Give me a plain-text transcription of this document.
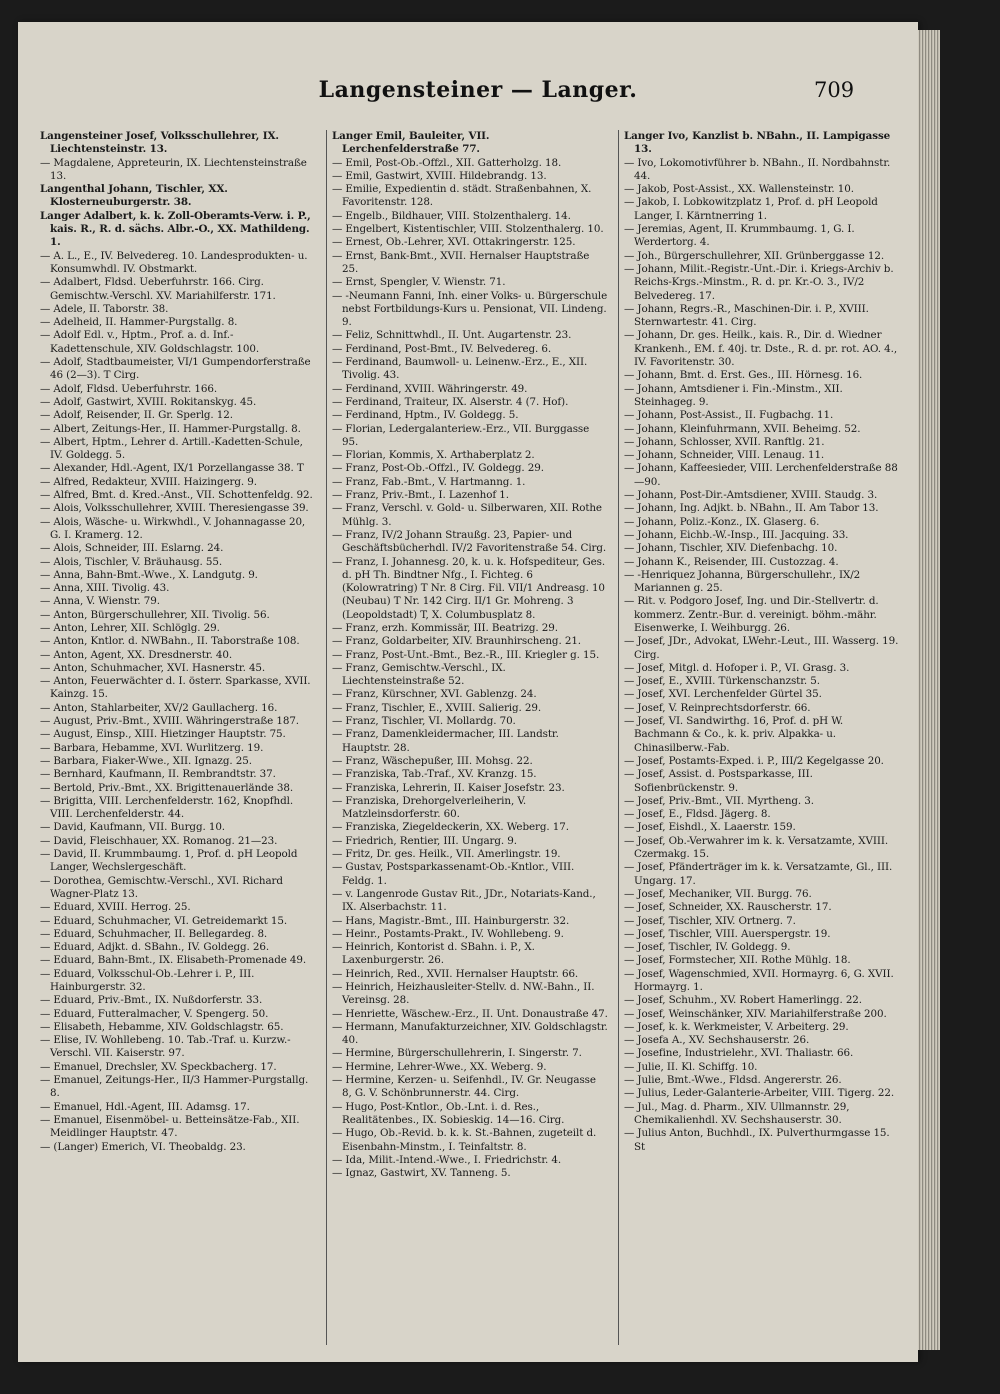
Langensteiner — Langer.	709

Langensteiner Josef, Volksschullehrer, IX. Liechtensteinstr. 13.

— Magdalene, Appreteurin, IX. Liechtensteinstraße 13.

Langenthal Johann, Tischler, XX. Klosterneuburgerstr. 38.

Langer Adalbert, k. k. Zoll-Oberamts-Verw. i. P., kais. R., R. d. sächs. Albr.-O., XX. Mathildeng. 1.

— A. L., E., IV. Belvedereg. 10. Landesprodukten- u. Konsumwhdl. IV. Obstmarkt.

— Adalbert, Fldsd. Ueberfuhrstr. 166. Cirg. Gemischtw.-Verschl. XV. Mariahilferstr. 171.

— Adele, II. Taborstr. 38.

— Adelheid, II. Hammer-Purgstallg. 8.

— Adolf Edl. v., Hptm., Prof. a. d. Inf.-Kadettenschule, XIV. Goldschlagstr. 100.

— Adolf, Stadtbaumeister, VI/1 Gumpendorferstraße 46 (2—3). T Cirg.

— Adolf, Fldsd. Ueberfuhrstr. 166.

— Adolf, Gastwirt, XVIII. Rokitanskyg. 45.

— Adolf, Reisender, II. Gr. Sperlg. 12.

— Albert, Zeitungs-Her., II. Hammer-Purgstallg. 8.

— Albert, Hptm., Lehrer d. Artill.-Kadetten-Schule, IV. Goldegg. 5.

— Alexander, Hdl.-Agent, IX/1 Porzellangasse 38. T

— Alfred, Redakteur, XVIII. Haizingerg. 9.

— Alfred, Bmt. d. Kred.-Anst., VII. Schottenfeldg. 92.

— Alois, Volksschullehrer, XVIII. Theresiengasse 39.

— Alois, Wäsche- u. Wirkwhdl., V. Johannagasse 20, G. I. Kramerg. 12.

— Alois, Schneider, III. Eslarng. 24.

— Alois, Tischler, V. Bräuhausg. 55.

— Anna, Bahn-Bmt.-Wwe., X. Landgutg. 9.

— Anna, XIII. Tivolig. 43.

— Anna, V. Wienstr. 79.

— Anton, Bürgerschullehrer, XII. Tivolig. 56.

— Anton, Lehrer, XII. Schlöglg. 29.

— Anton, Kntlor. d. NWBahn., II. Taborstraße 108.

— Anton, Agent, XX. Dresdnerstr. 40.

— Anton, Schuhmacher, XVI. Hasnerstr. 45.

— Anton, Feuerwächter d. I. österr. Sparkasse, XVII. Kainzg. 15.

— Anton, Stahlarbeiter, XV/2 Gaullacherg. 16.

— August, Priv.-Bmt., XVIII. Währingerstraße 187.

— August, Einsp., XIII. Hietzinger Hauptstr. 75.

— Barbara, Hebamme, XVI. Wurlitzerg. 19.

— Barbara, Fiaker-Wwe., XII. Ignazg. 25.

— Bernhard, Kaufmann, II. Rembrandtstr. 37.

— Bertold, Priv.-Bmt., XX. Brigittenauerlände 38.

— Brigitta, VIII. Lerchenfelderstr. 162, Knopfhdl. VIII. Lerchenfelderstr. 44.

— David, Kaufmann, VII. Burgg. 10.

— David, Fleischhauer, XX. Romanog. 21—23.

— David, II. Krummbaumg. 1, Prof. d. pH Leopold Langer, Wechslergeschäft.

— Dorothea, Gemischtw.-Verschl., XVI. Richard Wagner-Platz 13.

— Eduard, XVIII. Herrog. 25.

— Eduard, Schuhmacher, VI. Getreidemarkt 15.

— Eduard, Schuhmacher, II. Bellegardeg. 8.

— Eduard, Adjkt. d. SBahn., IV. Goldegg. 26.

— Eduard, Bahn-Bmt., IX. Elisabeth-Promenade 49.

— Eduard, Volksschul-Ob.-Lehrer i. P., III. Hainburgerstr. 32.

— Eduard, Priv.-Bmt., IX. Nußdorferstr. 33.

— Eduard, Futteralmacher, V. Spengerg. 50.

— Elisabeth, Hebamme, XIV. Goldschlagstr. 65.

— Elise, IV. Wohllebeng. 10. Tab.-Traf. u. Kurzw.-Verschl. VII. Kaiserstr. 97.

— Emanuel, Drechsler, XV. Speckbacherg. 17.

— Emanuel, Zeitungs-Her., II/3 Hammer-Purgstallg. 8.

— Emanuel, Hdl.-Agent, III. Adamsg. 17.

— Emanuel, Eisenmöbel- u. Betteinsätze-Fab., XII. Meidlinger Hauptstr. 47.

— (Langer) Emerich, VI. Theobaldg. 23.

Langer Emil, Bauleiter, VII. Lerchenfelderstraße 77.

— Emil, Post-Ob.-Offzl., XII. Gatterholzg. 18.

— Emil, Gastwirt, XVIII. Hildebrandg. 13.

— Emilie, Expedientin d. städt. Straßenbahnen, X. Favoritenstr. 128.

— Engelb., Bildhauer, VIII. Stolzenthalerg. 14.

— Engelbert, Kistentischler, VIII. Stolzenthalerg. 10.

— Ernest, Ob.-Lehrer, XVI. Ottakringerstr. 125.

— Ernst, Bank-Bmt., XVII. Hernalser Hauptstraße 25.

— Ernst, Spengler, V. Wienstr. 71.

— -Neumann Fanni, Inh. einer Volks- u. Bürgerschule nebst Fortbildungs-Kurs u. Pensionat, VII. Lindeng. 9.

— Feliz, Schnittwhdl., II. Unt. Augartenstr. 23.

— Ferdinand, Post-Bmt., IV. Belvedereg. 6.

— Ferdinand, Baumwoll- u. Leinenw.-Erz., E., XII. Tivolig. 43.

— Ferdinand, XVIII. Währingerstr. 49.

— Ferdinand, Traiteur, IX. Alserstr. 4 (7. Hof).

— Ferdinand, Hptm., IV. Goldegg. 5.

— Florian, Ledergalanteriew.-Erz., VII. Burggasse 95.

— Florian, Kommis, X. Arthaberplatz 2.

— Franz, Post-Ob.-Offzl., IV. Goldegg. 29.

— Franz, Fab.-Bmt., V. Hartmanng. 1.

— Franz, Priv.-Bmt., I. Lazenhof 1.

— Franz, Verschl. v. Gold- u. Silberwaren, XII. Rothe Mühlg. 3.

— Franz, IV/2 Johann Straußg. 23, Papier- und Geschäftsbücherhdl. IV/2 Favoritenstraße 54. Cirg.

— Franz, I. Johannesg. 20, k. u. k. Hofspediteur, Ges. d. pH Th. Bindtner Nfg., I. Fichteg. 6 (Kolowratring) T Nr. 8 Cirg. Fil. VII/1 Andreasg. 10 (Neubau) T Nr. 142 Cirg. II/1 Gr. Mohreng. 3 (Leopoldstadt) T, X. Columbusplatz 8.

— Franz, erzh. Kommissär, III. Beatrizg. 29.

— Franz, Goldarbeiter, XIV. Braunhirscheng. 21.

— Franz, Post-Unt.-Bmt., Bez.-R., III. Kriegler g. 15.

— Franz, Gemischtw.-Verschl., IX. Liechtensteinstraße 52.

— Franz, Kürschner, XVI. Gablenzg. 24.

— Franz, Tischler, E., XVIII. Salierig. 29.

— Franz, Tischler, VI. Mollardg. 70.

— Franz, Damenkleidermacher, III. Landstr. Hauptstr. 28.

— Franz, Wäschepußer, III. Mohsg. 22.

— Franziska, Tab.-Traf., XV. Kranzg. 15.

— Franziska, Lehrerin, II. Kaiser Josefstr. 23.

— Franziska, Drehorgelverleiherin, V. Matzleinsdorferstr. 60.

— Franziska, Ziegeldeckerin, XX. Weberg. 17.

— Friedrich, Rentier, III. Ungarg. 9.

— Fritz, Dr. ges. Heilk., VII. Amerlingstr. 19.

— Gustav, Postsparkassenamt-Ob.-Kntlor., VIII. Feldg. 1.

— v. Langenrode Gustav Rit., JDr., Notariats-Kand., IX. Alserbachstr. 11.

— Hans, Magistr.-Bmt., III. Hainburgerstr. 32.

— Heinr., Postamts-Prakt., IV. Wohllebeng. 9.

— Heinrich, Kontorist d. SBahn. i. P., X. Laxenburgerstr. 26.

— Heinrich, Red., XVII. Hernalser Hauptstr. 66.

— Heinrich, Heizhausleiter-Stellv. d. NW.-Bahn., II. Vereinsg. 28.

— Henriette, Wäschew.-Erz., II. Unt. Donaustraße 47.

— Hermann, Manufakturzeichner, XIV. Goldschlagstr. 40.

— Hermine, Bürgerschullehrerin, I. Singerstr. 7.

— Hermine, Lehrer-Wwe., XX. Weberg. 9.

— Hermine, Kerzen- u. Seifenhdl., IV. Gr. Neugasse 8, G. V. Schönbrunnerstr. 44. Cirg.

— Hugo, Post-Kntlor., Ob.-Lnt. i. d. Res., Realitätenbes., IX. Sobieskig. 14—16. Cirg.

— Hugo, Ob.-Revid. b. k. k. St.-Bahnen, zugeteilt d. Eisenbahn-Minstm., I. Teinfaltstr. 8.

— Ida, Milit.-Intend.-Wwe., I. Friedrichstr. 4.

— Ignaz, Gastwirt, XV. Tanneng. 5.

Langer Ivo, Kanzlist b. NBahn., II. Lampigasse 13.

— Ivo, Lokomotivführer b. NBahn., II. Nordbahnstr. 44.

— Jakob, Post-Assist., XX. Wallensteinstr. 10.

— Jakob, I. Lobkowitzplatz 1, Prof. d. pH Leopold Langer, I. Kärntnerring 1.

— Jeremias, Agent, II. Krummbaumg. 1, G. I. Werdertorg. 4.

— Joh., Bürgerschullehrer, XII. Grünberggasse 12.

— Johann, Milit.-Registr.-Unt.-Dir. i. Kriegs-Archiv b. Reichs-Krgs.-Minstm., R. d. pr. Kr.-O. 3., IV/2 Belvedereg. 17.

— Johann, Regrs.-R., Maschinen-Dir. i. P., XVIII. Sternwartestr. 41. Cirg.

— Johann, Dr. ges. Heilk., kais. R., Dir. d. Wiedner Krankenh., EM. f. 40j. tr. Dste., R. d. pr. rot. AO. 4., IV. Favoritenstr. 30.

— Johann, Bmt. d. Erst. Ges., III. Hörnesg. 16.

— Johann, Amtsdiener i. Fin.-Minstm., XII. Steinhageg. 9.

— Johann, Post-Assist., II. Fugbachg. 11.

— Johann, Kleinfuhrmann, XVII. Beheimg. 52.

— Johann, Schlosser, XVII. Ranftlg. 21.

— Johann, Schneider, VIII. Lenaug. 11.

— Johann, Kaffeesieder, VIII. Lerchenfelderstraße 88—90.

— Johann, Post-Dir.-Amtsdiener, XVIII. Staudg. 3.

— Johann, Ing. Adjkt. b. NBahn., II. Am Tabor 13.

— Johann, Poliz.-Konz., IX. Glaserg. 6.

— Johann, Eichb.-W.-Insp., III. Jacquing. 33.

— Johann, Tischler, XIV. Diefenbachg. 10.

— Johann K., Reisender, III. Custozzag. 4.

— -Henriquez Johanna, Bürgerschullehr., IX/2 Mariannen g. 25.

— Rit. v. Podgoro Josef, Ing. und Dir.-Stellvertr. d. kommerz. Zentr.-Bur. d. vereinigt. böhm.-mähr. Eisenwerke, I. Weihburgg. 26.

— Josef, JDr., Advokat, LWehr.-Leut., III. Wasserg. 19. Cirg.

— Josef, Mitgl. d. Hofoper i. P., VI. Grasg. 3.

— Josef, E., XVIII. Türkenschanzstr. 5.

— Josef, XVI. Lerchenfelder Gürtel 35.

— Josef, V. Reinprechtsdorferstr. 66.

— Josef, VI. Sandwirthg. 16, Prof. d. pH W. Bachmann & Co., k. k. priv. Alpakka- u. Chinasilberw.-Fab.

— Josef, Postamts-Exped. i. P., III/2 Kegelgasse 20.

— Josef, Assist. d. Postsparkasse, III. Sofienbrückenstr. 9.

— Josef, Priv.-Bmt., VII. Myrtheng. 3.

— Josef, E., Fldsd. Jägerg. 8.

— Josef, Eishdl., X. Laaerstr. 159.

— Josef, Ob.-Verwahrer im k. k. Versatzamte, XVIII. Czermakg. 15.

— Josef, Pfänderträger im k. k. Versatzamte, Gl., III. Ungarg. 17.

— Josef, Mechaniker, VII. Burgg. 76.

— Josef, Schneider, XX. Rauscherstr. 17.

— Josef, Tischler, XIV. Ortnerg. 7.

— Josef, Tischler, VIII. Auerspergstr. 19.

— Josef, Tischler, IV. Goldegg. 9.

— Josef, Formstecher, XII. Rothe Mühlg. 18.

— Josef, Wagenschmied, XVII. Hormayrg. 6, G. XVII. Hormayrg. 1.

— Josef, Schuhm., XV. Robert Hamerlingg. 22.

— Josef, Weinschänker, XIV. Mariahilferstraße 200.

— Josef, k. k. Werkmeister, V. Arbeiterg. 29.

— Josefa A., XV. Sechshauserstr. 26.

— Josefine, Industrielehr., XVI. Thaliastr. 66.

— Julie, II. Kl. Schiffg. 10.

— Julie, Bmt.-Wwe., Fldsd. Angererstr. 26.

— Julius, Leder-Galanterie-Arbeiter, VIII. Tigerg. 22.

— Jul., Mag. d. Pharm., XIV. Ullmannstr. 29, Chemikalienhdl. XV. Sechshauserstr. 30.

— Julius Anton, Buchhdl., IX. Pulverthurmgasse 15. St
